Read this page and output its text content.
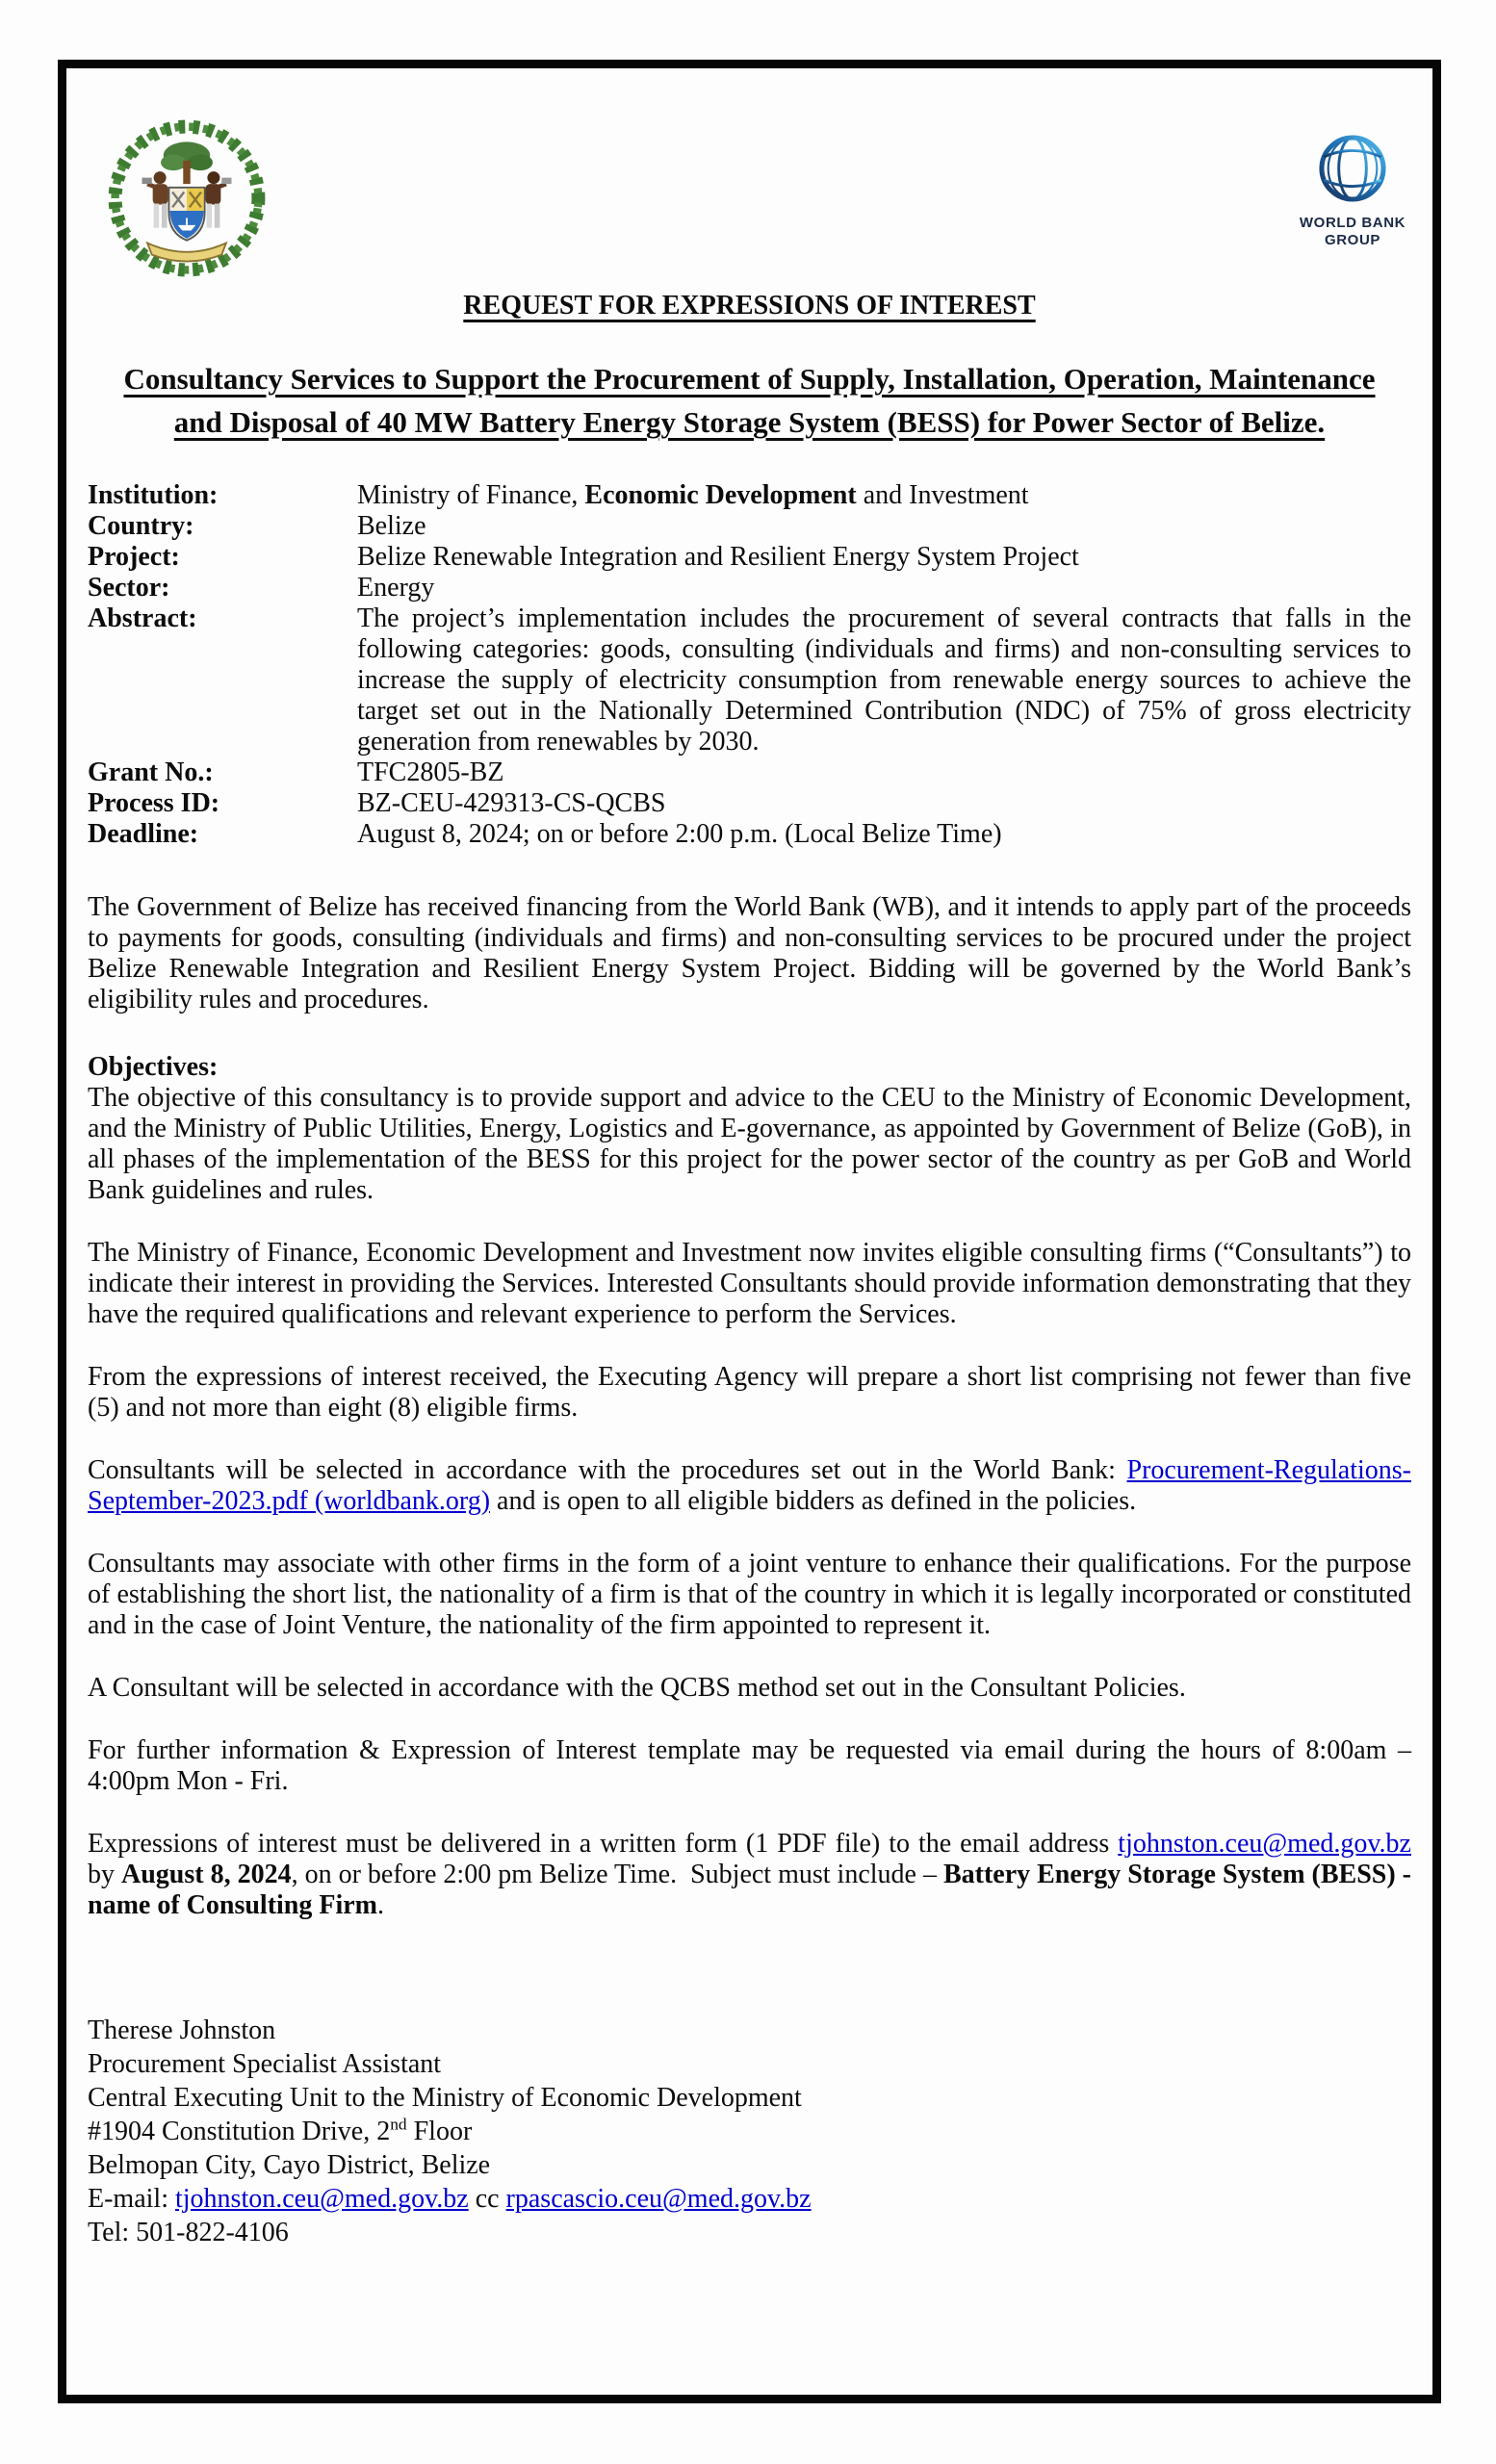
WORLD BANK
GROUP
REQUEST FOR EXPRESSIONS OF INTEREST
Consultancy Services to Support the Procurement of Supply, Installation, Operation, Maintenance and Disposal of 40 MW Battery Energy Storage System (BESS) for Power Sector of Belize.
Institution:	Ministry of Finance, Economic Development and Investment
Country:	Belize
Project:	Belize Renewable Integration and Resilient Energy System Project
Sector:	Energy
Abstract:	The project’s implementation includes the procurement of several contracts that falls in the following categories: goods, consulting (individuals and firms) and non-consulting services to increase the supply of electricity consumption from renewable energy sources to achieve the target set out in the Nationally Determined Contribution (NDC) of 75% of gross electricity generation from renewables by 2030.
Grant No.:	TFC2805-BZ
Process ID:	BZ-CEU-429313-CS-QCBS
Deadline:	August 8, 2024; on or before 2:00 p.m. (Local Belize Time)

The Government of Belize has received financing from the World Bank (WB), and it intends to apply part of the proceeds to payments for goods, consulting (individuals and firms) and non-consulting services to be procured under the project Belize Renewable Integration and Resilient Energy System Project. Bidding will be governed by the World Bank’s eligibility rules and procedures.

Objectives:

The objective of this consultancy is to provide support and advice to the CEU to the Ministry of Economic Development, and the Ministry of Public Utilities, Energy, Logistics and E-governance, as appointed by Government of Belize (GoB), in all phases of the implementation of the BESS for this project for the power sector of the country as per GoB and World Bank guidelines and rules.

The Ministry of Finance, Economic Development and Investment now invites eligible consulting firms (“Consultants”) to indicate their interest in providing the Services. Interested Consultants should provide information demonstrating that they have the required qualifications and relevant experience to perform the Services.

From the expressions of interest received, the Executing Agency will prepare a short list comprising not fewer than five (5) and not more than eight (8) eligible firms.

Consultants will be selected in accordance with the procedures set out in the World Bank: Procurement-Regulations-September-2023.pdf (worldbank.org) and is open to all eligible bidders as defined in the policies.

Consultants may associate with other firms in the form of a joint venture to enhance their qualifications. For the purpose of establishing the short list, the nationality of a firm is that of the country in which it is legally incorporated or constituted and in the case of Joint Venture, the nationality of the firm appointed to represent it.

A Consultant will be selected in accordance with the QCBS method set out in the Consultant Policies.

For further information & Expression of Interest template may be requested via email during the hours of 8:00am – 4:00pm Mon - Fri.

Expressions of interest must be delivered in a written form (1 PDF file) to the email address tjohnston.ceu@med.gov.bz by August 8, 2024, on or before 2:00 pm Belize Time.  Subject must include – Battery Energy Storage System (BESS) - name of Consulting Firm.

Therese Johnston
Procurement Specialist Assistant
Central Executing Unit to the Ministry of Economic Development
#1904 Constitution Drive, 2nd Floor
Belmopan City, Cayo District, Belize
E-mail: tjohnston.ceu@med.gov.bz cc rpascascio.ceu@med.gov.bz
Tel: 501-822-4106
